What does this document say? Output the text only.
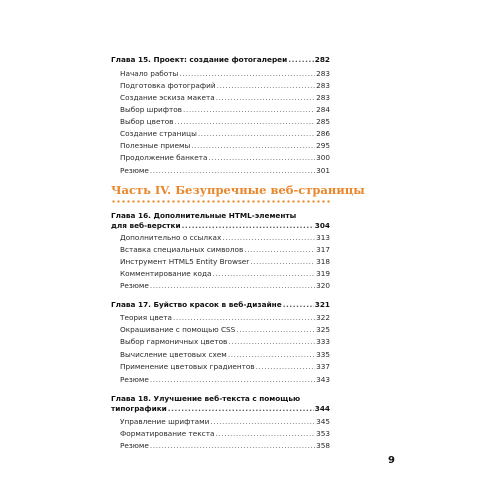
Глава 15. Проект: создание фотогалереи .....	282
Начало работы .....	283
Подготовка фотографий .....	283
Создание эскиза макета .....	283
Выбор шрифтов .....	284
Выбор цветов .....	285
Создание страницы .....	286
Полезные приемы .....	295
Продолжение банкета .....	300
Резюме .....	301
Часть IV. Безупречные веб-страницы
Глава 16. Дополнительные HTML-элементы
для веб-верстки .....	304
Дополнительно о ссылках .....	313
Вставка специальных символов .....	317
Инструмент HTML5 Entity Browser .....	318
Комментирование кода .....	319
Резюме .....	320
Глава 17. Буйство красок в веб-дизайне .....	321
Теория цвета .....	322
Окрашивание с помощью CSS .....	325
Выбор гармоничных цветов .....	333
Вычисление цветовых схем .....	335
Применение цветовых градиентов .....	337
Резюме .....	343
Глава 18. Улучшение веб-текста с помощью
типографики .....	344
Управление шрифтами .....	345
Форматирование текста .....	353
Резюме .....	358
9
